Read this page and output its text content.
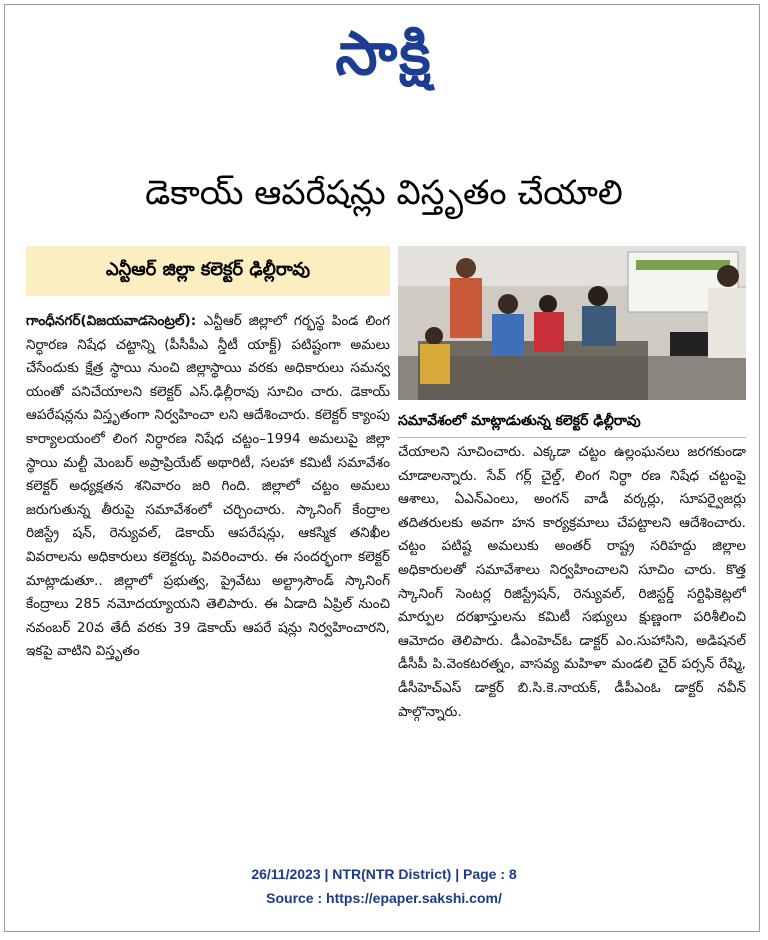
సాక్షి
డెకాయ్ ఆపరేషన్లు విస్తృతం చేయాలి
ఎన్టీఆర్ జిల్లా కలెక్టర్ ఢిల్లీరావు
గాంధీనగర్(విజయవాడసెంట్రల్): ఎన్టీఆర్ జిల్లాలో గర్భస్థ పిండ లింగ నిర్ధారణ నిషేధ చట్టాన్ని (పీసీపీఎ న్డీటీ యాక్ట్) పటిష్టంగా అమలు చేసేందుకు క్షేత్ర స్థాయి నుంచి జిల్లాస్థాయి వరకు అధికారులు సమన్వ యంతో పనిచేయాలని కలెక్టర్ ఎస్.ఢిల్లీరావు సూచిం చారు. డెకాయ్ ఆపరేషన్లను విస్తృతంగా నిర్వహించా లని ఆదేశించారు. కలెక్టర్ క్యాంపు కార్యాలయంలో లింగ నిర్ధారణ నిషేధ చట్టం–1994 అమలుపై జిల్లా స్థాయి మల్టీ మెంబర్ అప్రాప్రియేట్ అథారిటీ, సలహా కమిటీ సమావేశం కలెక్టర్ అధ్యక్షతన శనివారం జరి గింది. జిల్లాలో చట్టం అమలు జరుగుతున్న తీరుపై సమావేశంలో చర్చించారు. స్కానింగ్ కేంద్రాల రిజిస్ట్రే షన్, రెన్యువల్, డెకాయ్ ఆపరేషన్లు, ఆకస్మిక తనిఖీల వివరాలను అధికారులు కలెక్టర్కు వివరించారు. ఈ సందర్భంగా కలెక్టర్ మాట్లాడుతూ.. జిల్లాలో ప్రభుత్వ, ప్రైవేటు అల్ట్రాసౌండ్ స్కానింగ్ కేంద్రాలు 285 నమోదయ్యాయని తెలిపారు. ఈ ఏడాది ఏప్రిల్ నుంచి నవంబర్ 20వ తేదీ వరకు 39 డెకాయ్ ఆపరే షన్లు నిర్వహించారని, ఇకపై వాటిని విస్తృతం
సమావేశంలో మాట్లాడుతున్న కలెక్టర్ ఢిల్లీరావు
చేయాలని సూచించారు. ఎక్కడా చట్టం ఉల్లంఘనలు జరగకుండా చూడాలన్నారు. సేవ్ గర్ల్ చైల్డ్, లింగ నిర్ధా రణ నిషేధ చట్టంపై ఆశాలు, ఏఎన్ఎంలు, అంగన్ వాడీ వర్కర్లు, సూపర్వైజర్లు తదితరులకు అవగా హన కార్యక్రమాలు చేపట్టాలని ఆదేశించారు. చట్టం పటిష్ట అమలుకు అంతర్ రాష్ట్ర సరిహద్దు జిల్లాల అధికారులతో సమావేశాలు నిర్వహించాలని సూచిం చారు. కొత్త స్కానింగ్ సెంటర్ల రిజిస్ట్రేషన్, రెన్యువల్, రిజిస్టర్డ్ సర్టిఫికెట్లలో మార్పుల దరఖాస్తులను కమిటీ సభ్యులు క్షుణ్ణంగా పరిశీలించి ఆమోదం తెలిపారు. డీఎంహెచ్ఓ డాక్టర్ ఎం.సుహాసిని, అడిషనల్ డీసీపీ పి.వెంకటరత్నం, వాసవ్య మహిళా మండలి చైర్ పర్సన్ రేష్మి, డీసీహెచ్ఎస్ డాక్టర్ బి.సి.కె.నాయక్, డీపీఎంఓ డాక్టర్ నవీన్ పాల్గొన్నారు.
26/11/2023 | NTR(NTR District) | Page : 8
Source : https://epaper.sakshi.com/
